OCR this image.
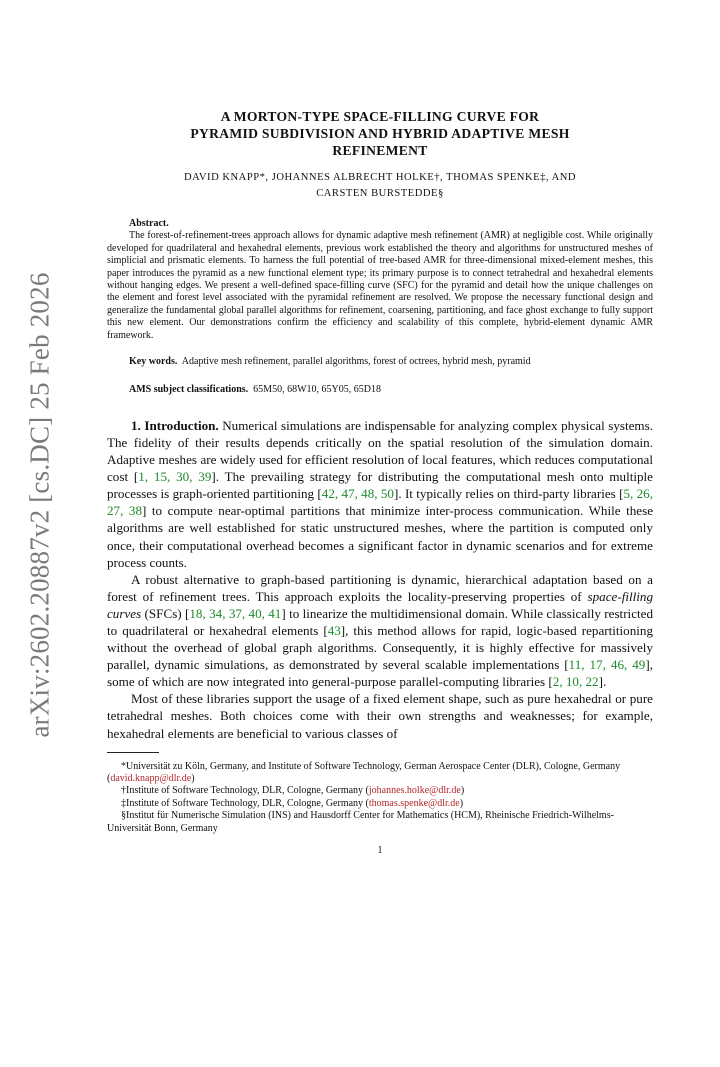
arXiv:2602.20887v2 [cs.DC] 25 Feb 2026
A MORTON-TYPE SPACE-FILLING CURVE FOR
PYRAMID SUBDIVISION AND HYBRID ADAPTIVE MESH
REFINEMENT
DAVID KNAPP*, JOHANNES ALBRECHT HOLKE†, THOMAS SPENKE‡, AND
CARSTEN BURSTEDDE§
Abstract.
The forest-of-refinement-trees approach allows for dynamic adaptive mesh refinement (AMR) at negligible cost. While originally developed for quadrilateral and hexahedral elements, previous work established the theory and algorithms for unstructured meshes of simplicial and prismatic elements. To harness the full potential of tree-based AMR for three-dimensional mixed-element meshes, this paper introduces the pyramid as a new functional element type; its primary purpose is to connect tetrahedral and hexahedral elements without hanging edges. We present a well-defined space-filling curve (SFC) for the pyramid and detail how the unique challenges on the element and forest level associated with the pyramidal refinement are resolved. We propose the necessary functional design and generalize the fundamental global parallel algorithms for refinement, coarsening, partitioning, and face ghost exchange to fully support this new element. Our demonstrations confirm the efficiency and scalability of this complete, hybrid-element dynamic AMR framework.
Key words. Adaptive mesh refinement, parallel algorithms, forest of octrees, hybrid mesh, pyramid
AMS subject classifications. 65M50, 68W10, 65Y05, 65D18

1. Introduction. Numerical simulations are indispensable for analyzing complex physical systems. The fidelity of their results depends critically on the spatial resolution of the simulation domain. Adaptive meshes are widely used for efficient resolution of local features, which reduces computational cost [1, 15, 30, 39]. The prevailing strategy for distributing the computational mesh onto multiple processes is graph-oriented partitioning [42, 47, 48, 50]. It typically relies on third-party libraries [5, 26, 27, 38] to compute near-optimal partitions that minimize inter-process communication. While these algorithms are well established for static unstructured meshes, where the partition is computed only once, their computational overhead becomes a significant factor in dynamic scenarios and for extreme process counts.

A robust alternative to graph-based partitioning is dynamic, hierarchical adaptation based on a forest of refinement trees. This approach exploits the locality-preserving properties of space-filling curves (SFCs) [18, 34, 37, 40, 41] to linearize the multidimensional domain. While classically restricted to quadrilateral or hexahedral elements [43], this method allows for rapid, logic-based repartitioning without the overhead of global graph algorithms. Consequently, it is highly effective for massively parallel, dynamic simulations, as demonstrated by several scalable implementations [11, 17, 46, 49], some of which are now integrated into general-purpose parallel-computing libraries [2, 10, 22].

Most of these libraries support the usage of a fixed element shape, such as pure hexahedral or pure tetrahedral meshes. Both choices come with their own strengths and weaknesses; for example, hexahedral elements are beneficial to various classes of

*Universität zu Köln, Germany, and Institute of Software Technology, German Aerospace Center (DLR), Cologne, Germany (david.knapp@dlr.de)
†Institute of Software Technology, DLR, Cologne, Germany (johannes.holke@dlr.de)
‡Institute of Software Technology, DLR, Cologne, Germany (thomas.spenke@dlr.de)
§Institut für Numerische Simulation (INS) and Hausdorff Center for Mathematics (HCM), Rheinische Friedrich-Wilhelms-Universität Bonn, Germany
1
